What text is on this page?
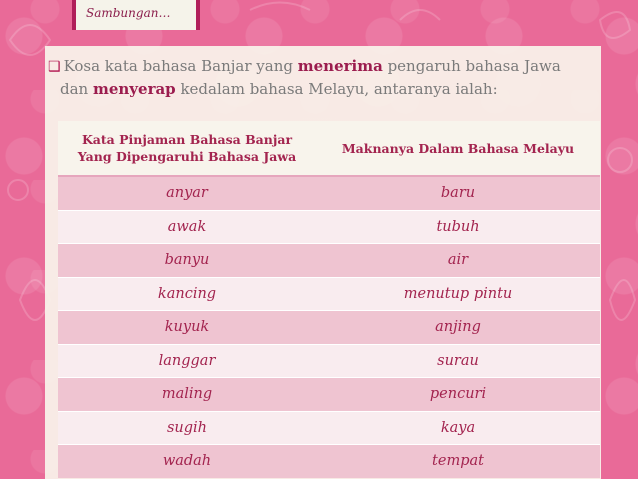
Sambungan…
❑ Kosa kata bahasa Banjar yang menerima pengaruh bahasa Jawa
dan menyerap kedalam bahasa Melayu, antaranya ialah:
Kata Pinjaman Bahasa Banjar
Yang Dipengaruhi Bahasa Jawa	Maknanya Dalam Bahasa Melayu
anyar	baru
awak	tubuh
banyu	air
kancing	menutup pintu
kuyuk	anjing
langgar	surau
maling	pencuri
sugih	kaya
wadah	tempat
